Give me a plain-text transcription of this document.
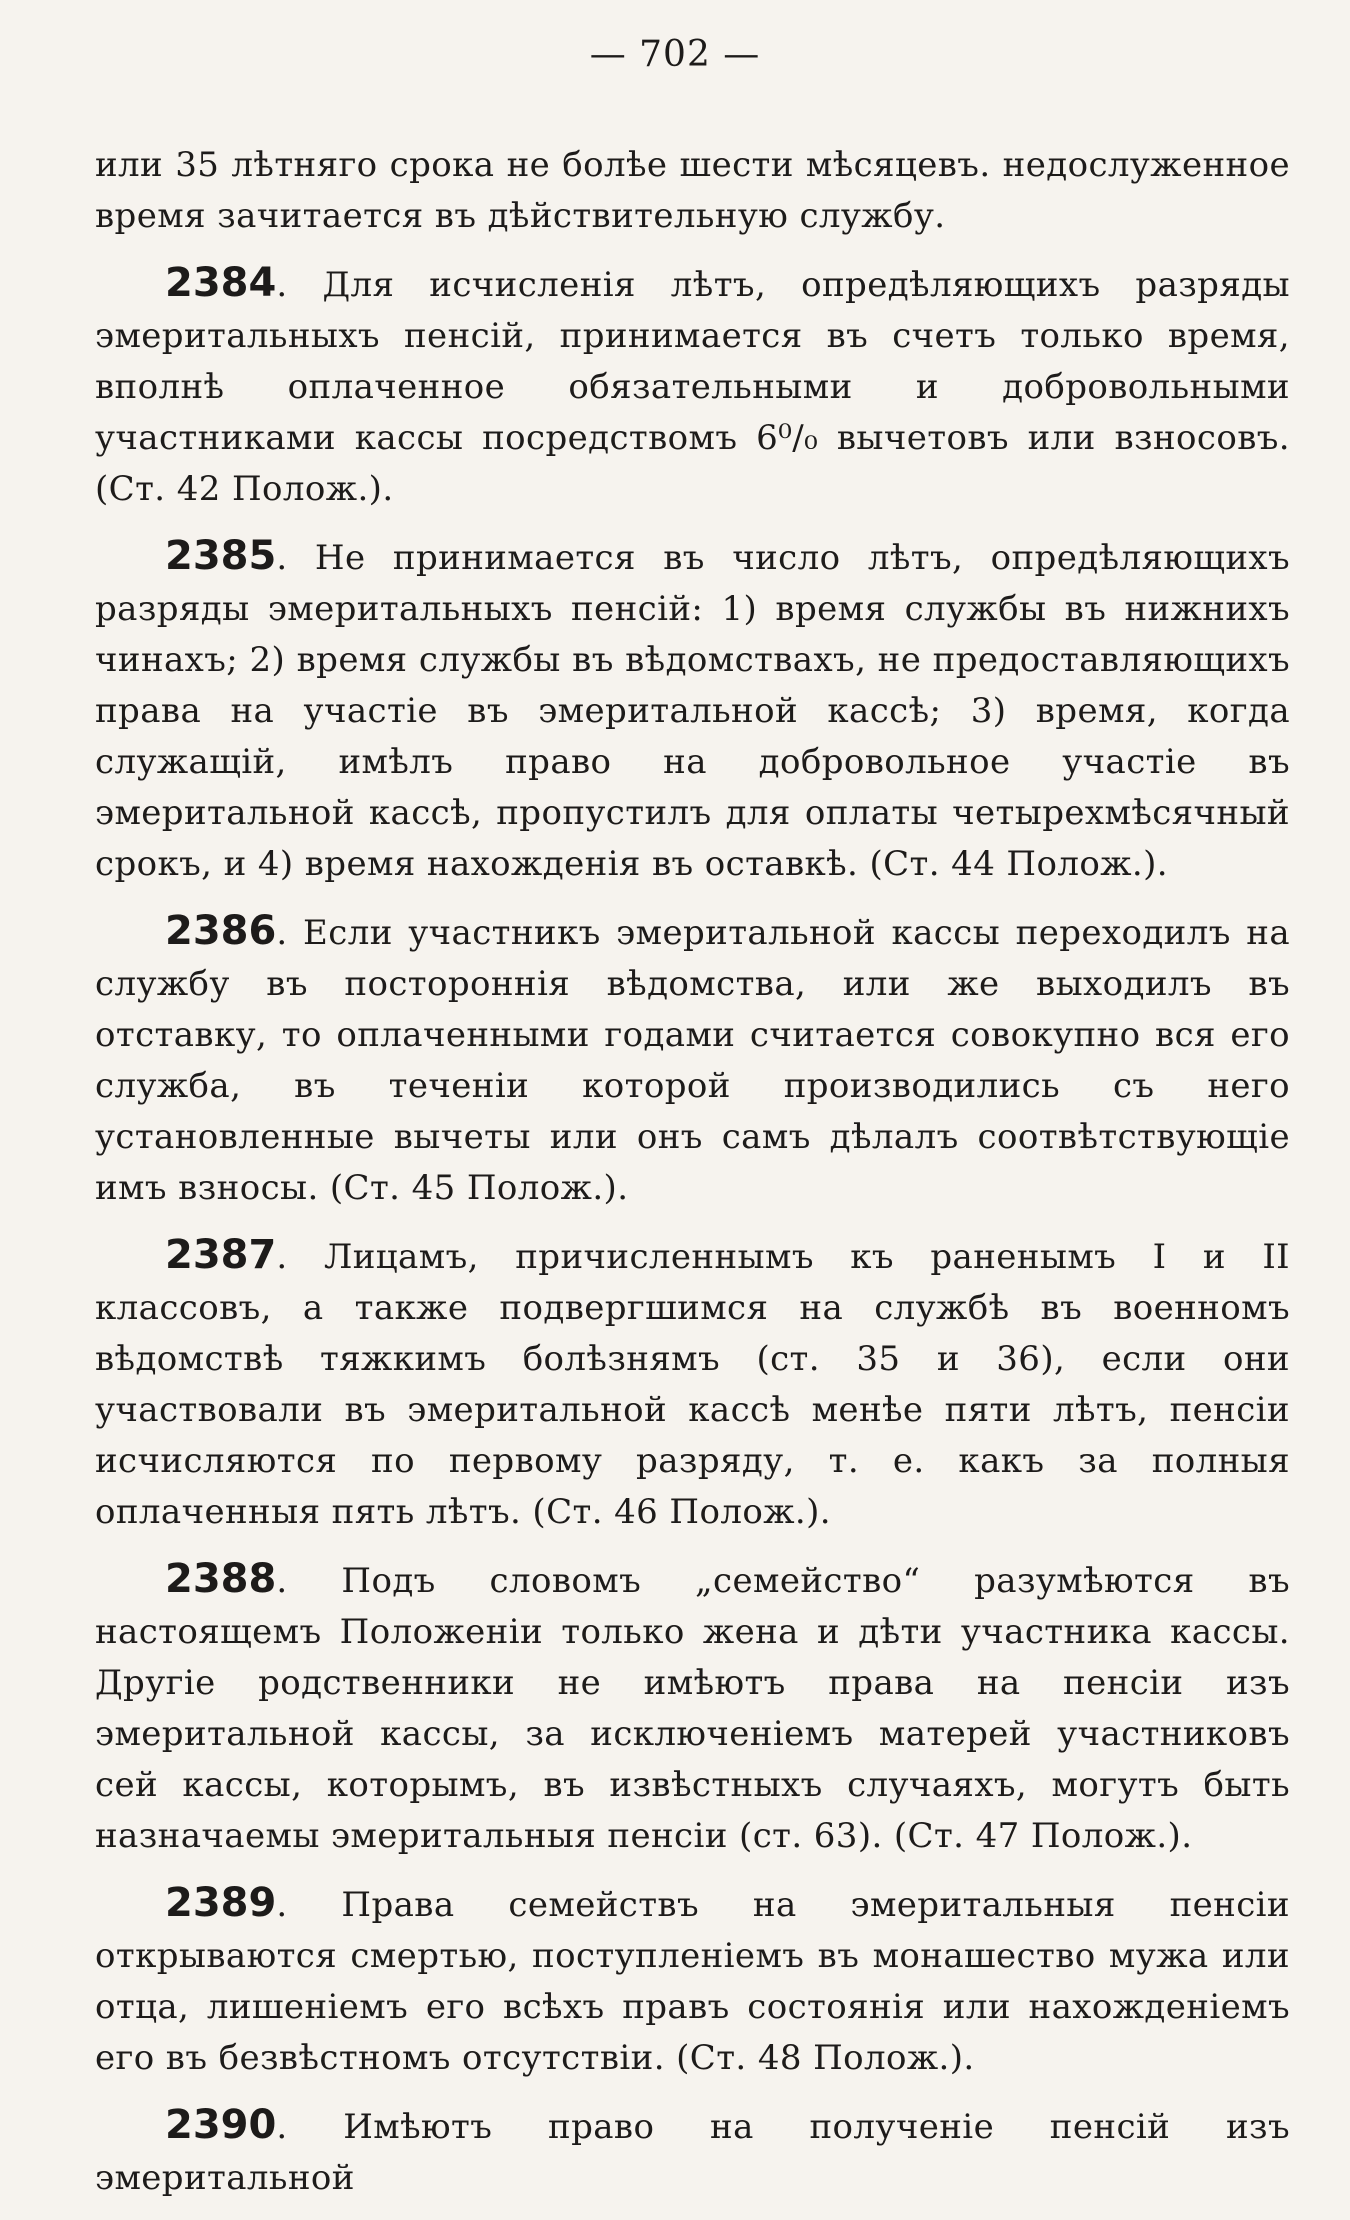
— 702 —

или 35 лѣтняго срока не болѣе шести мѣсяцевъ. недослуженное время зачитается въ дѣйствительную службу.

2384. Для исчисленія лѣтъ, опредѣляющихъ разряды эмеритальныхъ пенсій, принимается въ счетъ только время, вполнѣ оплаченное обязательными и добровольными участниками кассы посредствомъ 6⁰/₀ вычетовъ или взносовъ. (Ст. 42 Полож.).

2385. Не принимается въ число лѣтъ, опредѣляющихъ разряды эмеритальныхъ пенсій: 1) время службы въ нижнихъ чинахъ; 2) время службы въ вѣдомствахъ, не предоставляющихъ права на участіе въ эмеритальной кассѣ; 3) время, когда служащій, имѣлъ право на добровольное участіе въ эмеритальной кассѣ, пропустилъ для оплаты четырехмѣсячный срокъ, и 4) время нахожденія въ оставкѣ. (Ст. 44 Полож.).

2386. Если участникъ эмеритальной кассы переходилъ на службу въ постороннія вѣдомства, или же выходилъ въ отставку, то оплаченными годами считается совокупно вся его служба, въ теченіи которой производились съ него установленные вычеты или онъ самъ дѣлалъ соотвѣтствующіе имъ взносы. (Ст. 45 Полож.).

2387. Лицамъ, причисленнымъ къ раненымъ I и II классовъ, а также подвергшимся на службѣ въ военномъ вѣдомствѣ тяжкимъ болѣзнямъ (ст. 35 и 36), если они участвовали въ эмеритальной кассѣ менѣе пяти лѣтъ, пенсіи исчисляются по первому разряду, т. е. какъ за полныя оплаченныя пять лѣтъ. (Ст. 46 Полож.).

2388. Подъ словомъ „семейство“ разумѣются въ настоящемъ Положеніи только жена и дѣти участника кассы. Другіе родственники не имѣютъ права на пенсіи изъ эмеритальной кассы, за исключеніемъ матерей участниковъ сей кассы, которымъ, въ извѣстныхъ случаяхъ, могутъ быть назначаемы эмеритальныя пенсіи (ст. 63). (Ст. 47 Полож.).

2389. Права семействъ на эмеритальныя пенсіи открываются смертью, поступленіемъ въ монашество мужа или отца, лишеніемъ его всѣхъ правъ состоянія или нахожденіемъ его въ безвѣстномъ отсутствіи. (Ст. 48 Полож.).

2390. Имѣютъ право на полученіе пенсій изъ эмеритальной
